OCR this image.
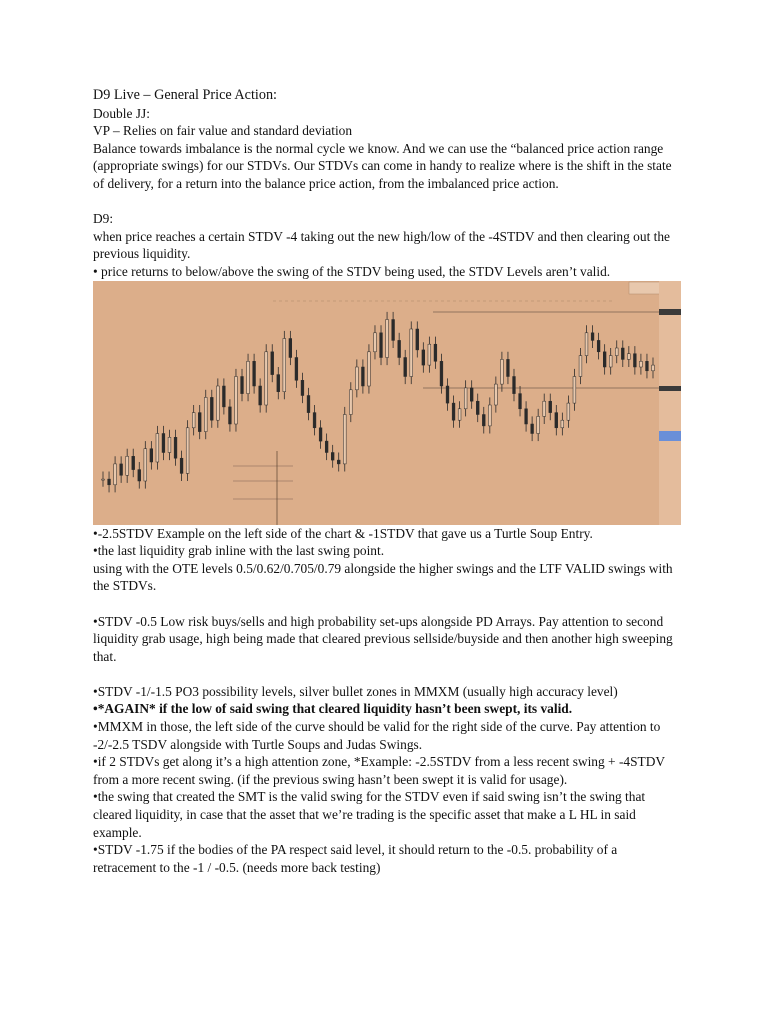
D9 Live – General Price Action:

Double JJ:

VP – Relies on fair value and standard deviation

Balance towards imbalance is the normal cycle we know. And we can use the “balanced price action range (appropriate swings) for our STDVs. Our STDVs can come in handy to realize where is the shift in the state of delivery, for a return into the balance price action, from the imbalanced price action.

D9:

when price reaches a certain STDV -4 taking out the new high/low of the -4STDV and then clearing out the previous liquidity.

• price returns to below/above the swing of the STDV being used, the STDV Levels aren’t valid.

•-2.5STDV Example on the left side of the chart & -1STDV that gave us a Turtle Soup Entry.

•the last liquidity grab inline with the last swing point.

using with the OTE levels 0.5/0.62/0.705/0.79 alongside the higher swings and the LTF VALID swings with the STDVs.

•STDV -0.5 Low risk buys/sells and high probability set-ups alongside PD Arrays. Pay attention to second liquidity grab usage, high being made that cleared previous sellside/buyside and then another high sweeping that.

•STDV -1/-1.5 PO3 possibility levels, silver bullet zones in MMXM (usually high accuracy level)

•*AGAIN* if the low of said swing that cleared liquidity hasn’t been swept, its valid.

•MMXM in those, the left side of the curve should be valid for the right side of the curve. Pay attention to -2/-2.5 TSDV alongside with Turtle Soups and Judas Swings.

•if 2 STDVs get along it’s a high attention zone, *Example: -2.5STDV from a less recent swing + -4STDV from a more recent swing. (if the previous swing hasn’t been swept it is valid for usage).

•the swing that created the SMT is the valid swing for the STDV even if said swing isn’t the swing that cleared liquidity, in case that the asset that we’re trading is the specific asset that make a L HL in said example.

•STDV -1.75 if the bodies of the PA respect said level, it should return to the -0.5. probability of a retracement to the -1 / -0.5. (needs more back testing)
